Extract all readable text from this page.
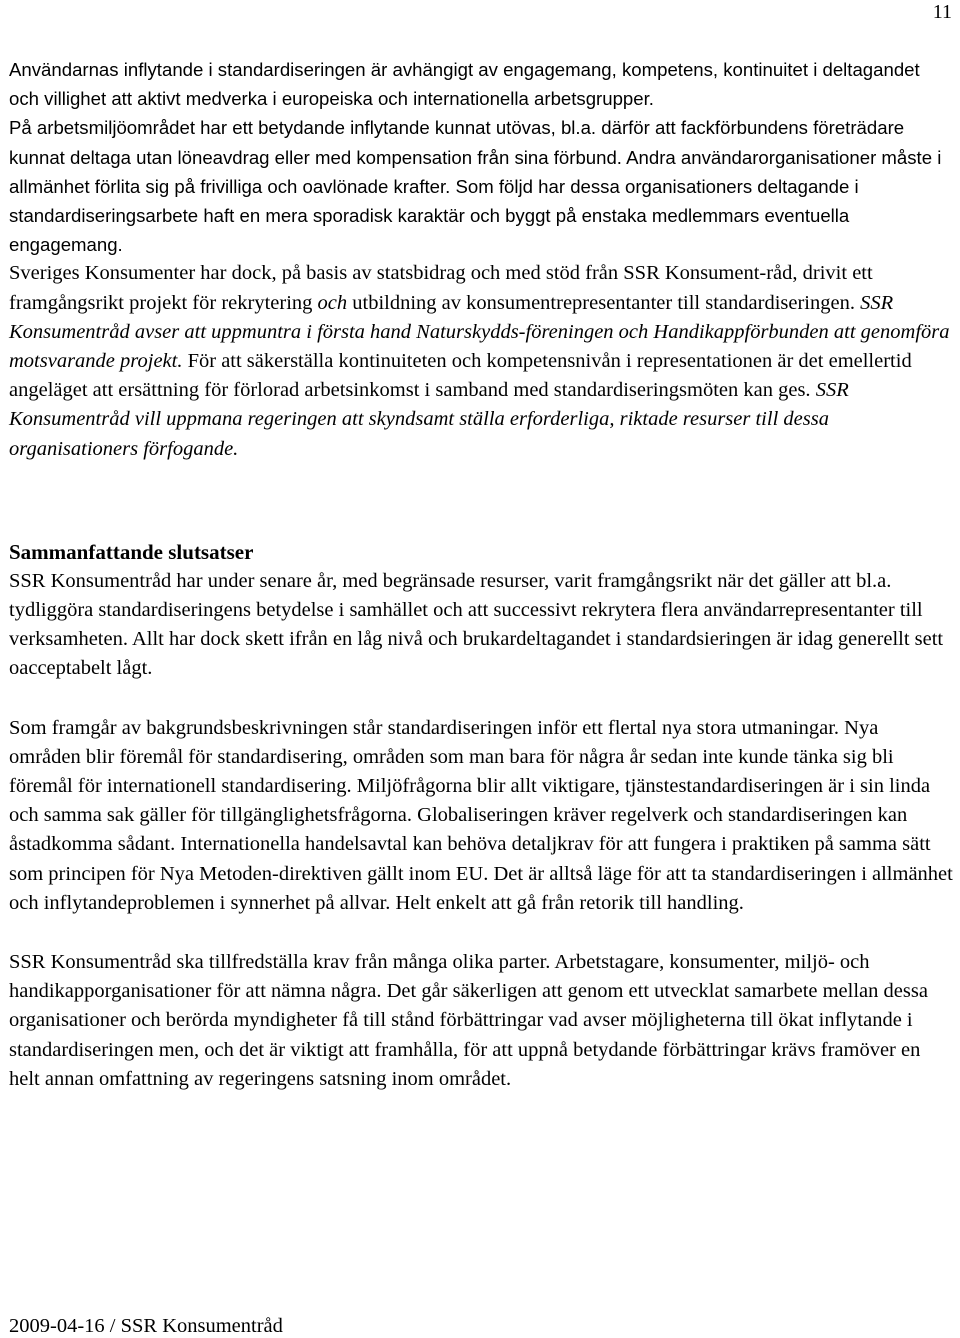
11

Användarnas inflytande i standardiseringen är avhängigt av engagemang, kompetens, kontinuitet i deltagandet och villighet att aktivt medverka i europeiska och internationella arbetsgrupper.

På arbetsmiljöområdet har ett betydande inflytande kunnat utövas, bl.a. därför att fackförbundens företrädare kunnat deltaga utan löneavdrag eller med kompensation från sina förbund. Andra användarorganisationer måste i allmänhet förlita sig på frivilliga och oavlönade krafter. Som följd har dessa organisationers deltagande i standardiseringsarbete haft en mera sporadisk karaktär och byggt på enstaka medlemmars eventuella engagemang.

Sveriges Konsumenter har dock, på basis av statsbidrag och med stöd från SSR Konsument-råd, drivit ett framgångsrikt projekt för rekrytering och utbildning av konsumentrepresentanter till standardiseringen. SSR Konsumentråd avser att uppmuntra i första hand Naturskydds-föreningen och Handikappförbunden att genomföra motsvarande projekt. För att säkerställa kontinuiteten och kompetensnivån i representationen är det emellertid angeläget att ersättning för förlorad arbetsinkomst i samband med standardiseringsmöten kan ges. SSR Konsumentråd vill uppmana regeringen att skyndsamt ställa erforderliga, riktade resurser till dessa organisationers förfogande.

Sammanfattande slutsatser

SSR Konsumentråd har under senare år, med begränsade resurser, varit framgångsrikt när det gäller att bl.a. tydliggöra standardiseringens betydelse i samhället och att successivt rekrytera flera användarrepresentanter till verksamheten. Allt har dock skett ifrån en låg nivå och brukardeltagandet i standardsieringen är idag generellt sett oacceptabelt lågt.

Som framgår av bakgrundsbeskrivningen står standardiseringen inför ett flertal nya stora utmaningar. Nya områden blir föremål för standardisering, områden som man bara för några år sedan inte kunde tänka sig bli föremål för internationell standardisering. Miljöfrågorna blir allt viktigare, tjänstestandardiseringen är i sin linda och samma sak gäller för tillgänglighetsfrågorna. Globaliseringen kräver regelverk och standardiseringen kan åstadkomma sådant. Internationella handelsavtal kan behöva detaljkrav för att fungera i praktiken på samma sätt som principen för Nya Metoden-direktiven gällt inom EU. Det är alltså läge för att ta standardiseringen i allmänhet och inflytandeproblemen i synnerhet på allvar. Helt enkelt att gå från retorik till handling.

SSR Konsumentråd ska tillfredställa krav från många olika parter. Arbetstagare, konsumenter, miljö- och handikapporganisationer för att nämna några. Det går säkerligen att genom ett utvecklat samarbete mellan dessa organisationer och berörda myndigheter få till stånd förbättringar vad avser möjligheterna till ökat inflytande i standardiseringen men, och det är viktigt att framhålla, för att uppnå betydande förbättringar krävs framöver en helt annan omfattning av regeringens satsning inom området.

2009-04-16 / SSR Konsumentråd
